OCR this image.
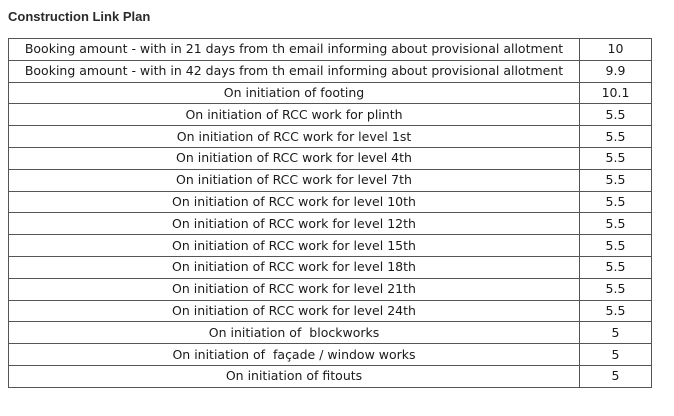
Construction Link Plan
Booking amount - with in 21 days from th email informing about provisional allotment	10
Booking amount - with in 42 days from th email informing about provisional allotment	9.9
On initiation of footing	10.1
On initiation of RCC work for plinth	5.5
On initiation of RCC work for level 1st	5.5
On initiation of RCC work for level 4th	5.5
On initiation of RCC work for level 7th	5.5
On initiation of RCC work for level 10th	5.5
On initiation of RCC work for level 12th	5.5
On initiation of RCC work for level 15th	5.5
On initiation of RCC work for level 18th	5.5
On initiation of RCC work for level 21th	5.5
On initiation of RCC work for level 24th	5.5
On initiation of  blockworks	5
On initiation of  façade / window works	5
On initiation of fitouts	5
